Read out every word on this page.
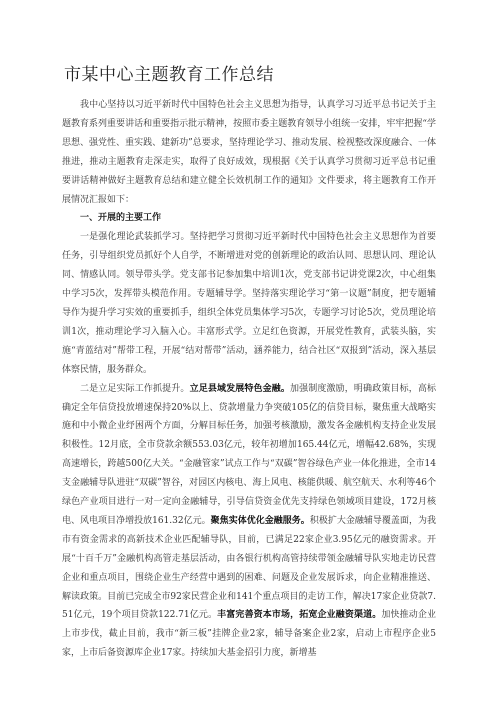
市某中心主题教育工作总结

我中心坚持以习近平新时代中国特色社会主义思想为指导，认真学习习近平总书记关于主题教育系列重要讲话和重要指示批示精神，按照市委主题教育领导小组统一安排，牢牢把握“学思想、强党性、重实践、建新功”总要求，坚持理论学习、推动发展、检视整改深度融合、一体推进，推动主题教育走深走实，取得了良好成效，现根据《关于认真学习贯彻习近平总书记重要讲话精神做好主题教育总结和建立健全长效机制工作的通知》文件要求，将主题教育工作开展情况汇报如下：

一、开展的主要工作

一是强化理论武装抓学习。坚持把学习贯彻习近平新时代中国特色社会主义思想作为首要任务，引导组织党员抓好个人自学，不断增进对党的创新理论的政治认同、思想认同、理论认同、情感认同。领导带头学。党支部书记参加集中培训1次，党支部书记讲党课2次，中心组集中学习5次，发挥带头模范作用。专题辅导学。坚持落实理论学习“第一议题”制度，把专题辅导作为提升学习实效的重要抓手，组织全体党员集体学习5次，专题学习讨论5次，党员理论培训1次，推动理论学习入脑入心。丰富形式学。立足红色资源，开展党性教育，武装头脑，实施“青蓝结对”帮带工程，开展“结对帮带”活动，涵养能力，结合社区“双报到”活动，深入基层体察民情，服务群众。

二是立足实际工作抓提升。立足县域发展特色金融。加强制度激励，明确政策目标，高标确定全年信贷投放增速保持20%以上、贷款增量力争突破105亿的信贷目标，聚焦重大战略实施和中小微企业纾困两个方面，分解目标任务，加强考核激励，激发各金融机构支持企业发展积极性。12月底，全市贷款余额553.03亿元，较年初增加165.44亿元，增幅42.68%，实现高速增长，跨越500亿大关。“金融管家”试点工作与“双碳”智谷绿色产业一体化推进，全市14支金融辅导队进驻“双碳”智谷，对园区内核电、海上风电、核能供暖、航空航天、水利等46个绿色产业项目进行一对一定向金融辅导，引导信贷资金优先支持绿色领域项目建设，172月核电、风电项目净增投放161.32亿元。聚焦实体优化金融服务。积极扩大金融辅导覆盖面，为我市有资金需求的高新技术企业匹配辅导队，目前，已满足22家企业3.95亿元的融资需求。开展“十百千万”金融机构高管走基层活动，由各银行机构高管持续带领金融辅导队实地走访民营企业和重点项目，围绕企业生产经营中遇到的困难、问题及企业发展诉求，向企业精准推送、解读政策。目前已完成全市92家民营企业和141个重点项目的走访工作，解决17家企业贷款7.51亿元，19个项目贷款122.71亿元。丰富完善资本市场，拓宽企业融资渠道。加快推动企业上市步伐，截止目前，我市“新三板”挂牌企业2家，辅导备案企业2家，启动上市程序企业5家，上市后备资源库企业17家。持续加大基金招引力度，新增基
